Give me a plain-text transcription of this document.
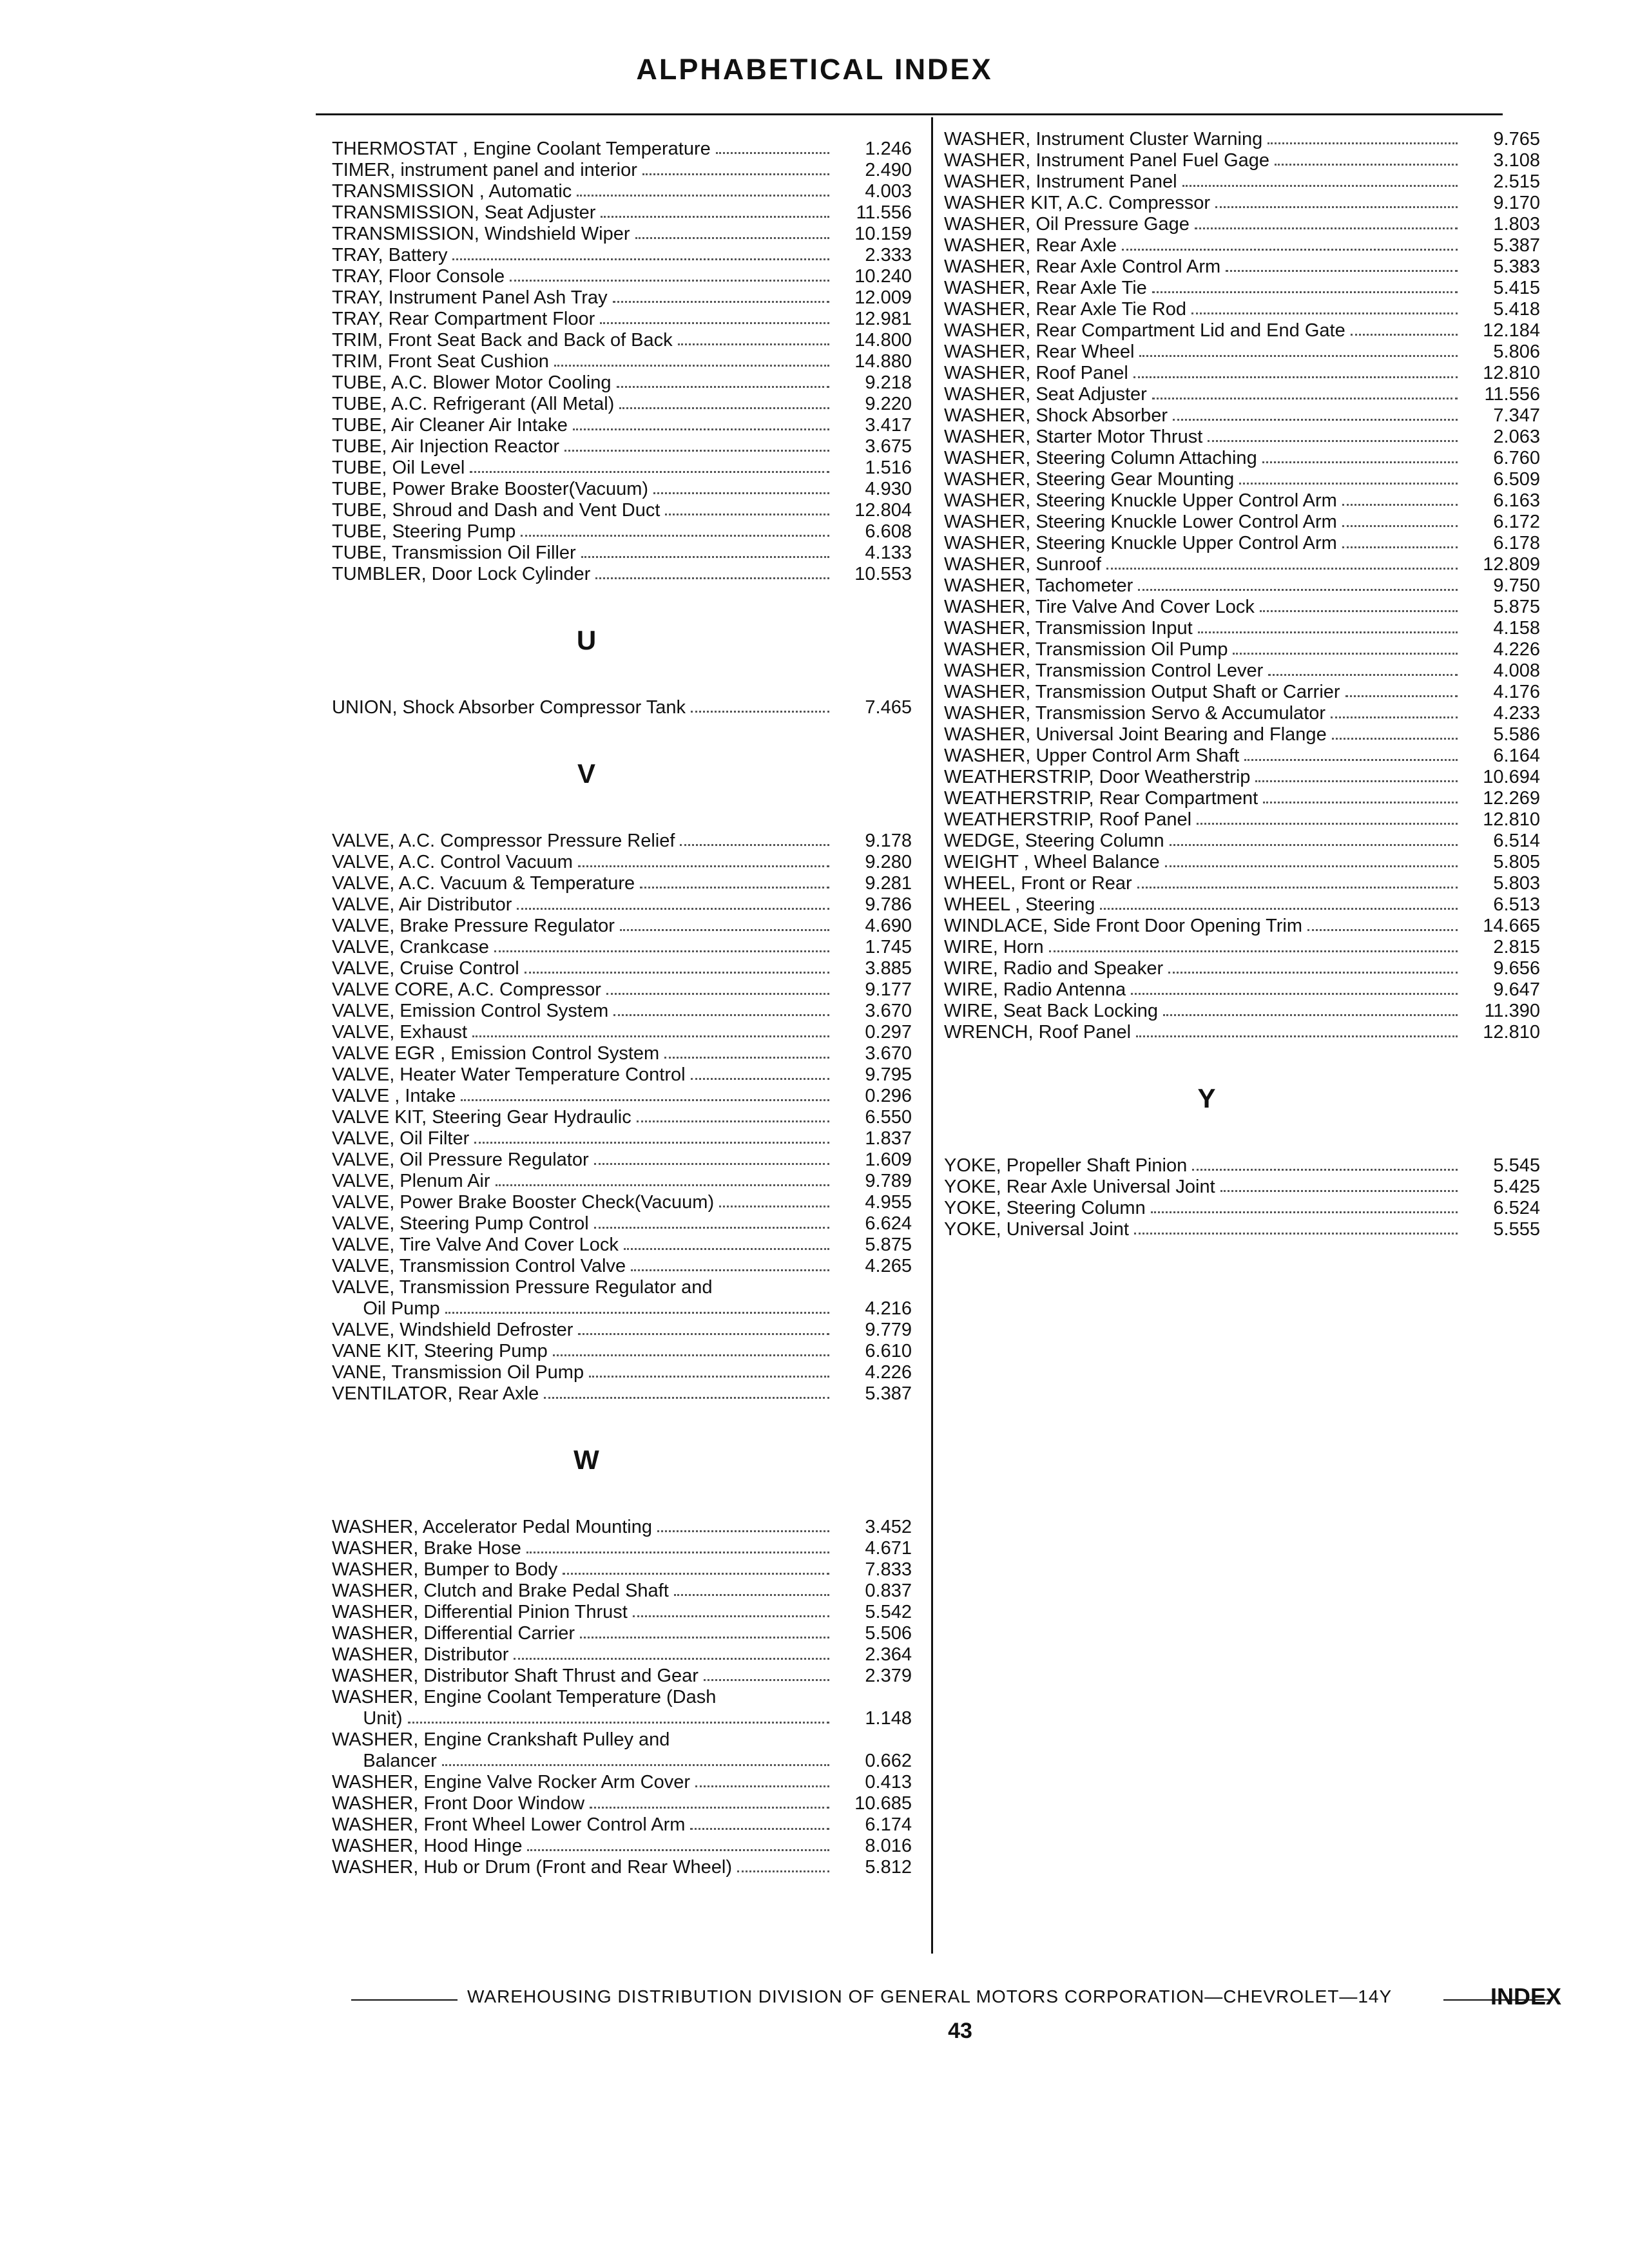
ALPHABETICAL INDEX
THERMOSTAT , Engine Coolant Temperature	1.246
TIMER, instrument panel and interior	2.490
TRANSMISSION , Automatic	4.003
TRANSMISSION, Seat Adjuster	11.556
TRANSMISSION, Windshield Wiper	10.159
TRAY, Battery	2.333
TRAY, Floor Console	10.240
TRAY, Instrument Panel Ash Tray	12.009
TRAY, Rear Compartment Floor	12.981
TRIM, Front Seat Back and Back of Back	14.800
TRIM, Front Seat Cushion	14.880
TUBE, A.C. Blower Motor Cooling	9.218
TUBE, A.C. Refrigerant (All Metal)	9.220
TUBE, Air Cleaner Air Intake	3.417
TUBE, Air Injection Reactor	3.675
TUBE, Oil Level	1.516
TUBE, Power Brake Booster(Vacuum)	4.930
TUBE, Shroud and Dash and Vent Duct	12.804
TUBE, Steering Pump	6.608
TUBE, Transmission Oil Filler	4.133
TUMBLER, Door Lock Cylinder	10.553
U
UNION, Shock Absorber Compressor Tank	7.465
V
VALVE, A.C. Compressor Pressure Relief	9.178
VALVE, A.C. Control Vacuum	9.280
VALVE, A.C. Vacuum & Temperature	9.281
VALVE, Air Distributor	9.786
VALVE, Brake Pressure Regulator	4.690
VALVE, Crankcase	1.745
VALVE, Cruise Control	3.885
VALVE CORE, A.C. Compressor	9.177
VALVE, Emission Control System	3.670
VALVE, Exhaust	0.297
VALVE EGR , Emission Control System	3.670
VALVE, Heater Water Temperature Control	9.795
VALVE , Intake	0.296
VALVE KIT, Steering Gear Hydraulic	6.550
VALVE, Oil Filter	1.837
VALVE, Oil Pressure Regulator	1.609
VALVE, Plenum Air	9.789
VALVE, Power Brake Booster Check(Vacuum)	4.955
VALVE, Steering Pump Control	6.624
VALVE, Tire Valve And Cover Lock	5.875
VALVE, Transmission Control Valve	4.265
VALVE, Transmission Pressure Regulator and
Oil Pump	4.216
VALVE, Windshield Defroster	9.779
VANE KIT, Steering Pump	6.610
VANE, Transmission Oil Pump	4.226
VENTILATOR, Rear Axle	5.387
W
WASHER, Accelerator Pedal Mounting	3.452
WASHER, Brake Hose	4.671
WASHER, Bumper to Body	7.833
WASHER, Clutch and Brake Pedal Shaft	0.837
WASHER, Differential Pinion Thrust	5.542
WASHER, Differential Carrier	5.506
WASHER, Distributor	2.364
WASHER, Distributor Shaft Thrust and Gear	2.379
WASHER, Engine Coolant Temperature (Dash
Unit)	1.148
WASHER, Engine Crankshaft Pulley and
Balancer	0.662
WASHER, Engine Valve Rocker Arm Cover	0.413
WASHER, Front Door Window	10.685
WASHER, Front Wheel Lower Control Arm	6.174
WASHER, Hood Hinge	8.016
WASHER, Hub or Drum (Front and Rear Wheel)	5.812
WASHER, Instrument Cluster Warning	9.765
WASHER, Instrument Panel Fuel Gage	3.108
WASHER, Instrument Panel	2.515
WASHER KIT, A.C. Compressor	9.170
WASHER, Oil Pressure Gage	1.803
WASHER, Rear Axle	5.387
WASHER, Rear Axle Control Arm	5.383
WASHER, Rear Axle Tie	5.415
WASHER, Rear Axle Tie Rod	5.418
WASHER, Rear Compartment Lid and End Gate	12.184
WASHER, Rear Wheel	5.806
WASHER, Roof Panel	12.810
WASHER, Seat Adjuster	11.556
WASHER, Shock Absorber	7.347
WASHER, Starter Motor Thrust	2.063
WASHER, Steering Column Attaching	6.760
WASHER, Steering Gear Mounting	6.509
WASHER, Steering Knuckle Upper Control Arm	6.163
WASHER, Steering Knuckle Lower Control Arm	6.172
WASHER, Steering Knuckle Upper Control Arm	6.178
WASHER, Sunroof	12.809
WASHER, Tachometer	9.750
WASHER, Tire Valve And Cover Lock	5.875
WASHER, Transmission Input	4.158
WASHER, Transmission Oil Pump	4.226
WASHER, Transmission Control Lever	4.008
WASHER, Transmission Output Shaft or Carrier	4.176
WASHER, Transmission Servo & Accumulator	4.233
WASHER, Universal Joint Bearing and Flange	5.586
WASHER, Upper Control Arm Shaft	6.164
WEATHERSTRIP, Door Weatherstrip	10.694
WEATHERSTRIP, Rear Compartment	12.269
WEATHERSTRIP, Roof Panel	12.810
WEDGE, Steering Column	6.514
WEIGHT , Wheel Balance	5.805
WHEEL, Front or Rear	5.803
WHEEL , Steering	6.513
WINDLACE, Side Front Door Opening Trim	14.665
WIRE, Horn	2.815
WIRE, Radio and Speaker	9.656
WIRE, Radio Antenna	9.647
WIRE, Seat Back Locking	11.390
WRENCH, Roof Panel	12.810
Y
YOKE, Propeller Shaft Pinion	5.545
YOKE, Rear Axle Universal Joint	5.425
YOKE, Steering Column	6.524
YOKE, Universal Joint	5.555
WAREHOUSING DISTRIBUTION DIVISION OF GENERAL MOTORS CORPORATION—CHEVROLET—14Y	INDEX
43
